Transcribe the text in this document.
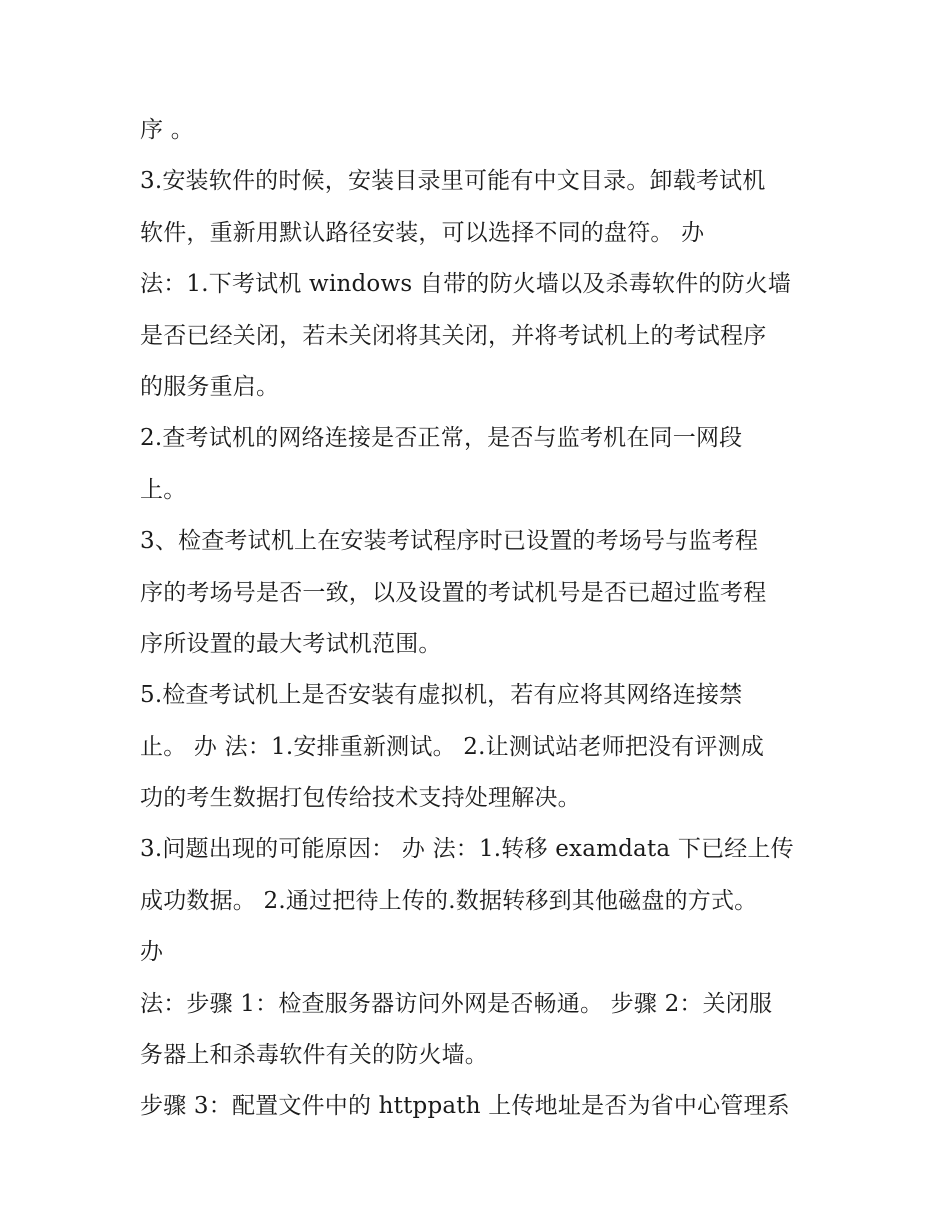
序 。
3.安装软件的时候，安装目录里可能有中文目录。卸载考试机
软件，重新用默认路径安装，可以选择不同的盘符。 办
法：1.下考试机 windows 自带的防火墙以及杀毒软件的防火墙
是否已经关闭，若未关闭将其关闭，并将考试机上的考试程序
的服务重启。
2.查考试机的网络连接是否正常，是否与监考机在同一网段
上。
3、检查考试机上在安装考试程序时已设置的考场号与监考程
序的考场号是否一致，以及设置的考试机号是否已超过监考程
序所设置的最大考试机范围。
5.检查考试机上是否安装有虚拟机，若有应将其网络连接禁
止。 办 法：1.安排重新测试。 2.让测试站老师把没有评测成
功的考生数据打包传给技术支持处理解决。
3.问题出现的可能原因： 办 法：1.转移 examdata 下已经上传
成功数据。 2.通过把待上传的.数据转移到其他磁盘的方式。
办
法：步骤 1：检查服务器访问外网是否畅通。 步骤 2：关闭服
务器上和杀毒软件有关的防火墙。
步骤 3：配置文件中的 httppath 上传地址是否为省中心管理系
